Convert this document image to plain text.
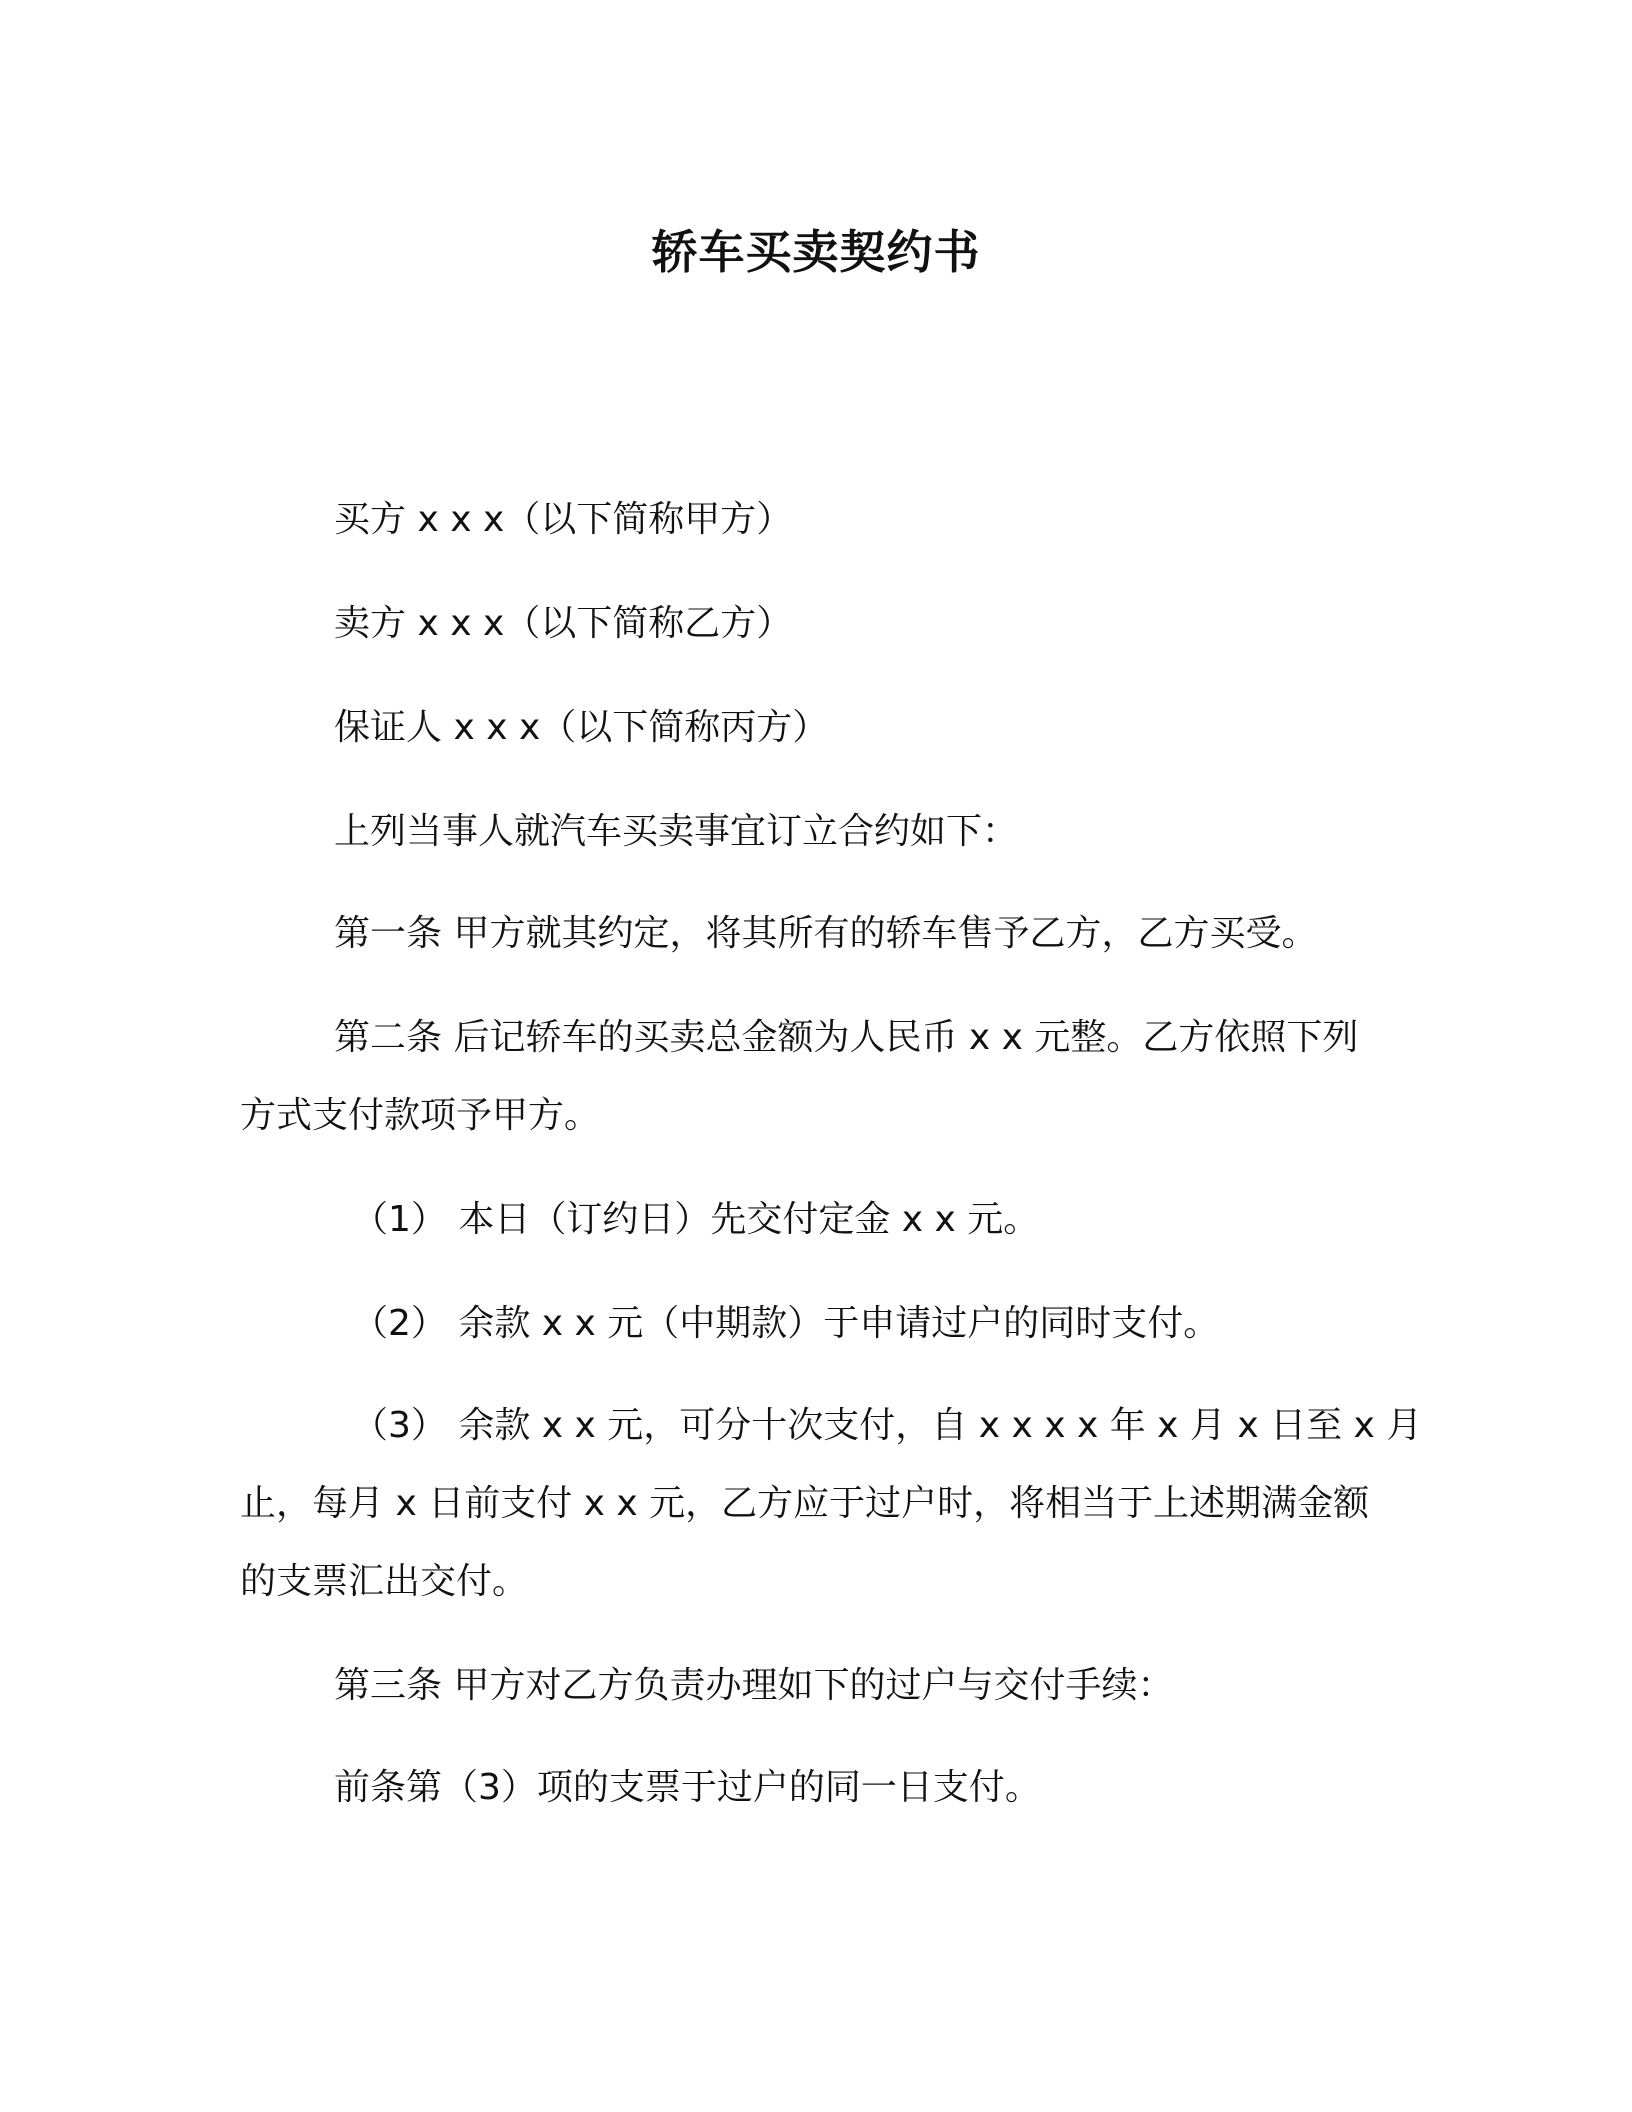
轿车买卖契约书
买方 x x x（以下简称甲方）
卖方 x x x（以下简称乙方）
保证人 x x x（以下简称丙方）
上列当事人就汽车买卖事宜订立合约如下：
第一条 甲方就其约定，将其所有的轿车售予乙方，乙方买受。
第二条 后记轿车的买卖总金额为人民币 x x 元整。乙方依照下列
方式支付款项予甲方。
（1） 本日（订约日）先交付定金 x x 元。
（2） 余款 x x 元（中期款）于申请过户的同时支付。
（3） 余款 x x 元，可分十次支付，自 x x x x 年 x 月 x 日至 x 月
止，每月 x 日前支付 x x 元，乙方应于过户时，将相当于上述期满金额
的支票汇出交付。
第三条 甲方对乙方负责办理如下的过户与交付手续：
前条第（3）项的支票于过户的同一日支付。
